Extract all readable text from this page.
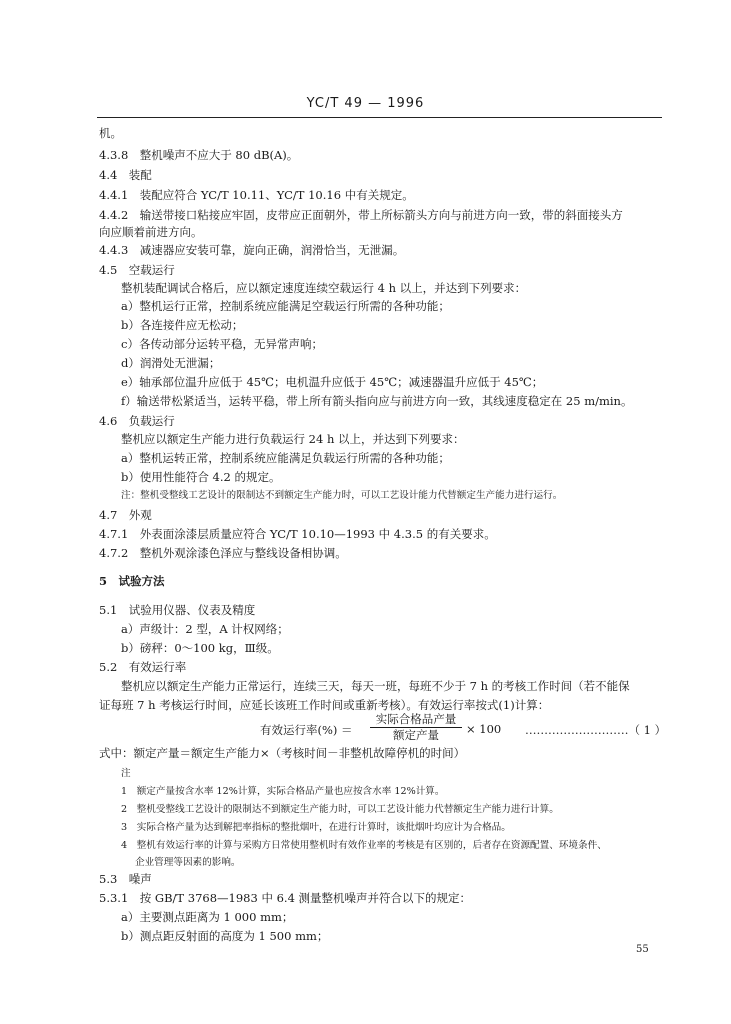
YC/T 49 — 1996
机。
4.3.8　整机噪声不应大于 80 dB(A)。
4.4　装配
4.4.1　装配应符合 YC/T 10.11、YC/T 10.16 中有关规定。
4.4.2　输送带接口粘接应牢固，皮带应正面朝外，带上所标箭头方向与前进方向一致，带的斜面接头方
向应顺着前进方向。
4.4.3　减速器应安装可靠，旋向正确，润滑恰当，无泄漏。
4.5　空载运行
整机装配调试合格后，应以额定速度连续空载运行 4 h 以上，并达到下列要求：
a）整机运行正常，控制系统应能满足空载运行所需的各种功能；
b）各连接件应无松动；
c）各传动部分运转平稳，无异常声响；
d）润滑处无泄漏；
e）轴承部位温升应低于 45℃；电机温升应低于 45℃；减速器温升应低于 45℃；
f）输送带松紧适当，运转平稳，带上所有箭头指向应与前进方向一致，其线速度稳定在 25 m/min。
4.6　负载运行
整机应以额定生产能力进行负载运行 24 h 以上，并达到下列要求：
a）整机运转正常，控制系统应能满足负载运行所需的各种功能；
b）使用性能符合 4.2 的规定。
注：整机受整线工艺设计的限制达不到额定生产能力时，可以工艺设计能力代替额定生产能力进行运行。
4.7　外观
4.7.1　外表面涂漆层质量应符合 YC/T 10.10—1993 中 4.3.5 的有关要求。
4.7.2　整机外观涂漆色泽应与整线设备相协调。
5　试验方法
5.1　试验用仪器、仪表及精度
a）声级计：2 型，A 计权网络；
b）磅秤：0～100 kg，Ⅲ级。
5.2　有效运行率
整机应以额定生产能力正常运行，连续三天，每天一班，每班不少于 7 h 的考核工作时间（若不能保
证每班 7 h 考核运行时间，应延长该班工作时间或重新考核）。有效运行率按式(1)计算：
有效运行率(%) ＝
实际合格品产量
额定产量	× 100 ………………………（ 1 ）
式中：额定产量＝额定生产能力×（考核时间－非整机故障停机的时间）
注
1　额定产量按含水率 12%计算，实际合格品产量也应按含水率 12%计算。
2　整机受整线工艺设计的限制达不到额定生产能力时，可以工艺设计能力代替额定生产能力进行计算。
3　实际合格产量为达到解把率指标的整批烟叶，在进行计算时，该批烟叶均应计为合格品。
4　整机有效运行率的计算与采购方日常使用整机时有效作业率的考核是有区别的，后者存在资源配置、环境条件、
企业管理等因素的影响。
5.3　噪声
5.3.1　按 GB/T 3768—1983 中 6.4 测量整机噪声并符合以下的规定：
a）主要测点距离为 1 000 mm；
b）测点距反射面的高度为 1 500 mm；
55
